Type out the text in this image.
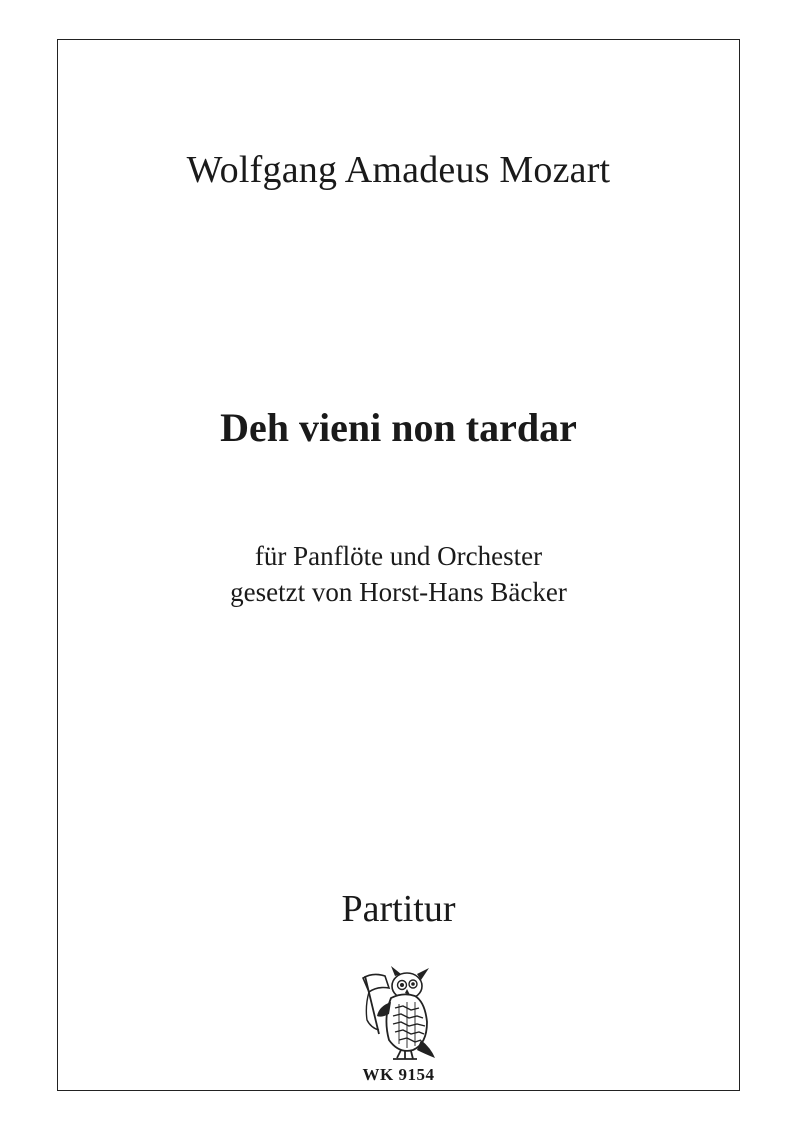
Wolfgang Amadeus Mozart
Deh vieni non tardar
für Panflöte und Orchester
gesetzt von Horst-Hans Bäcker
Partitur
WK 9154
